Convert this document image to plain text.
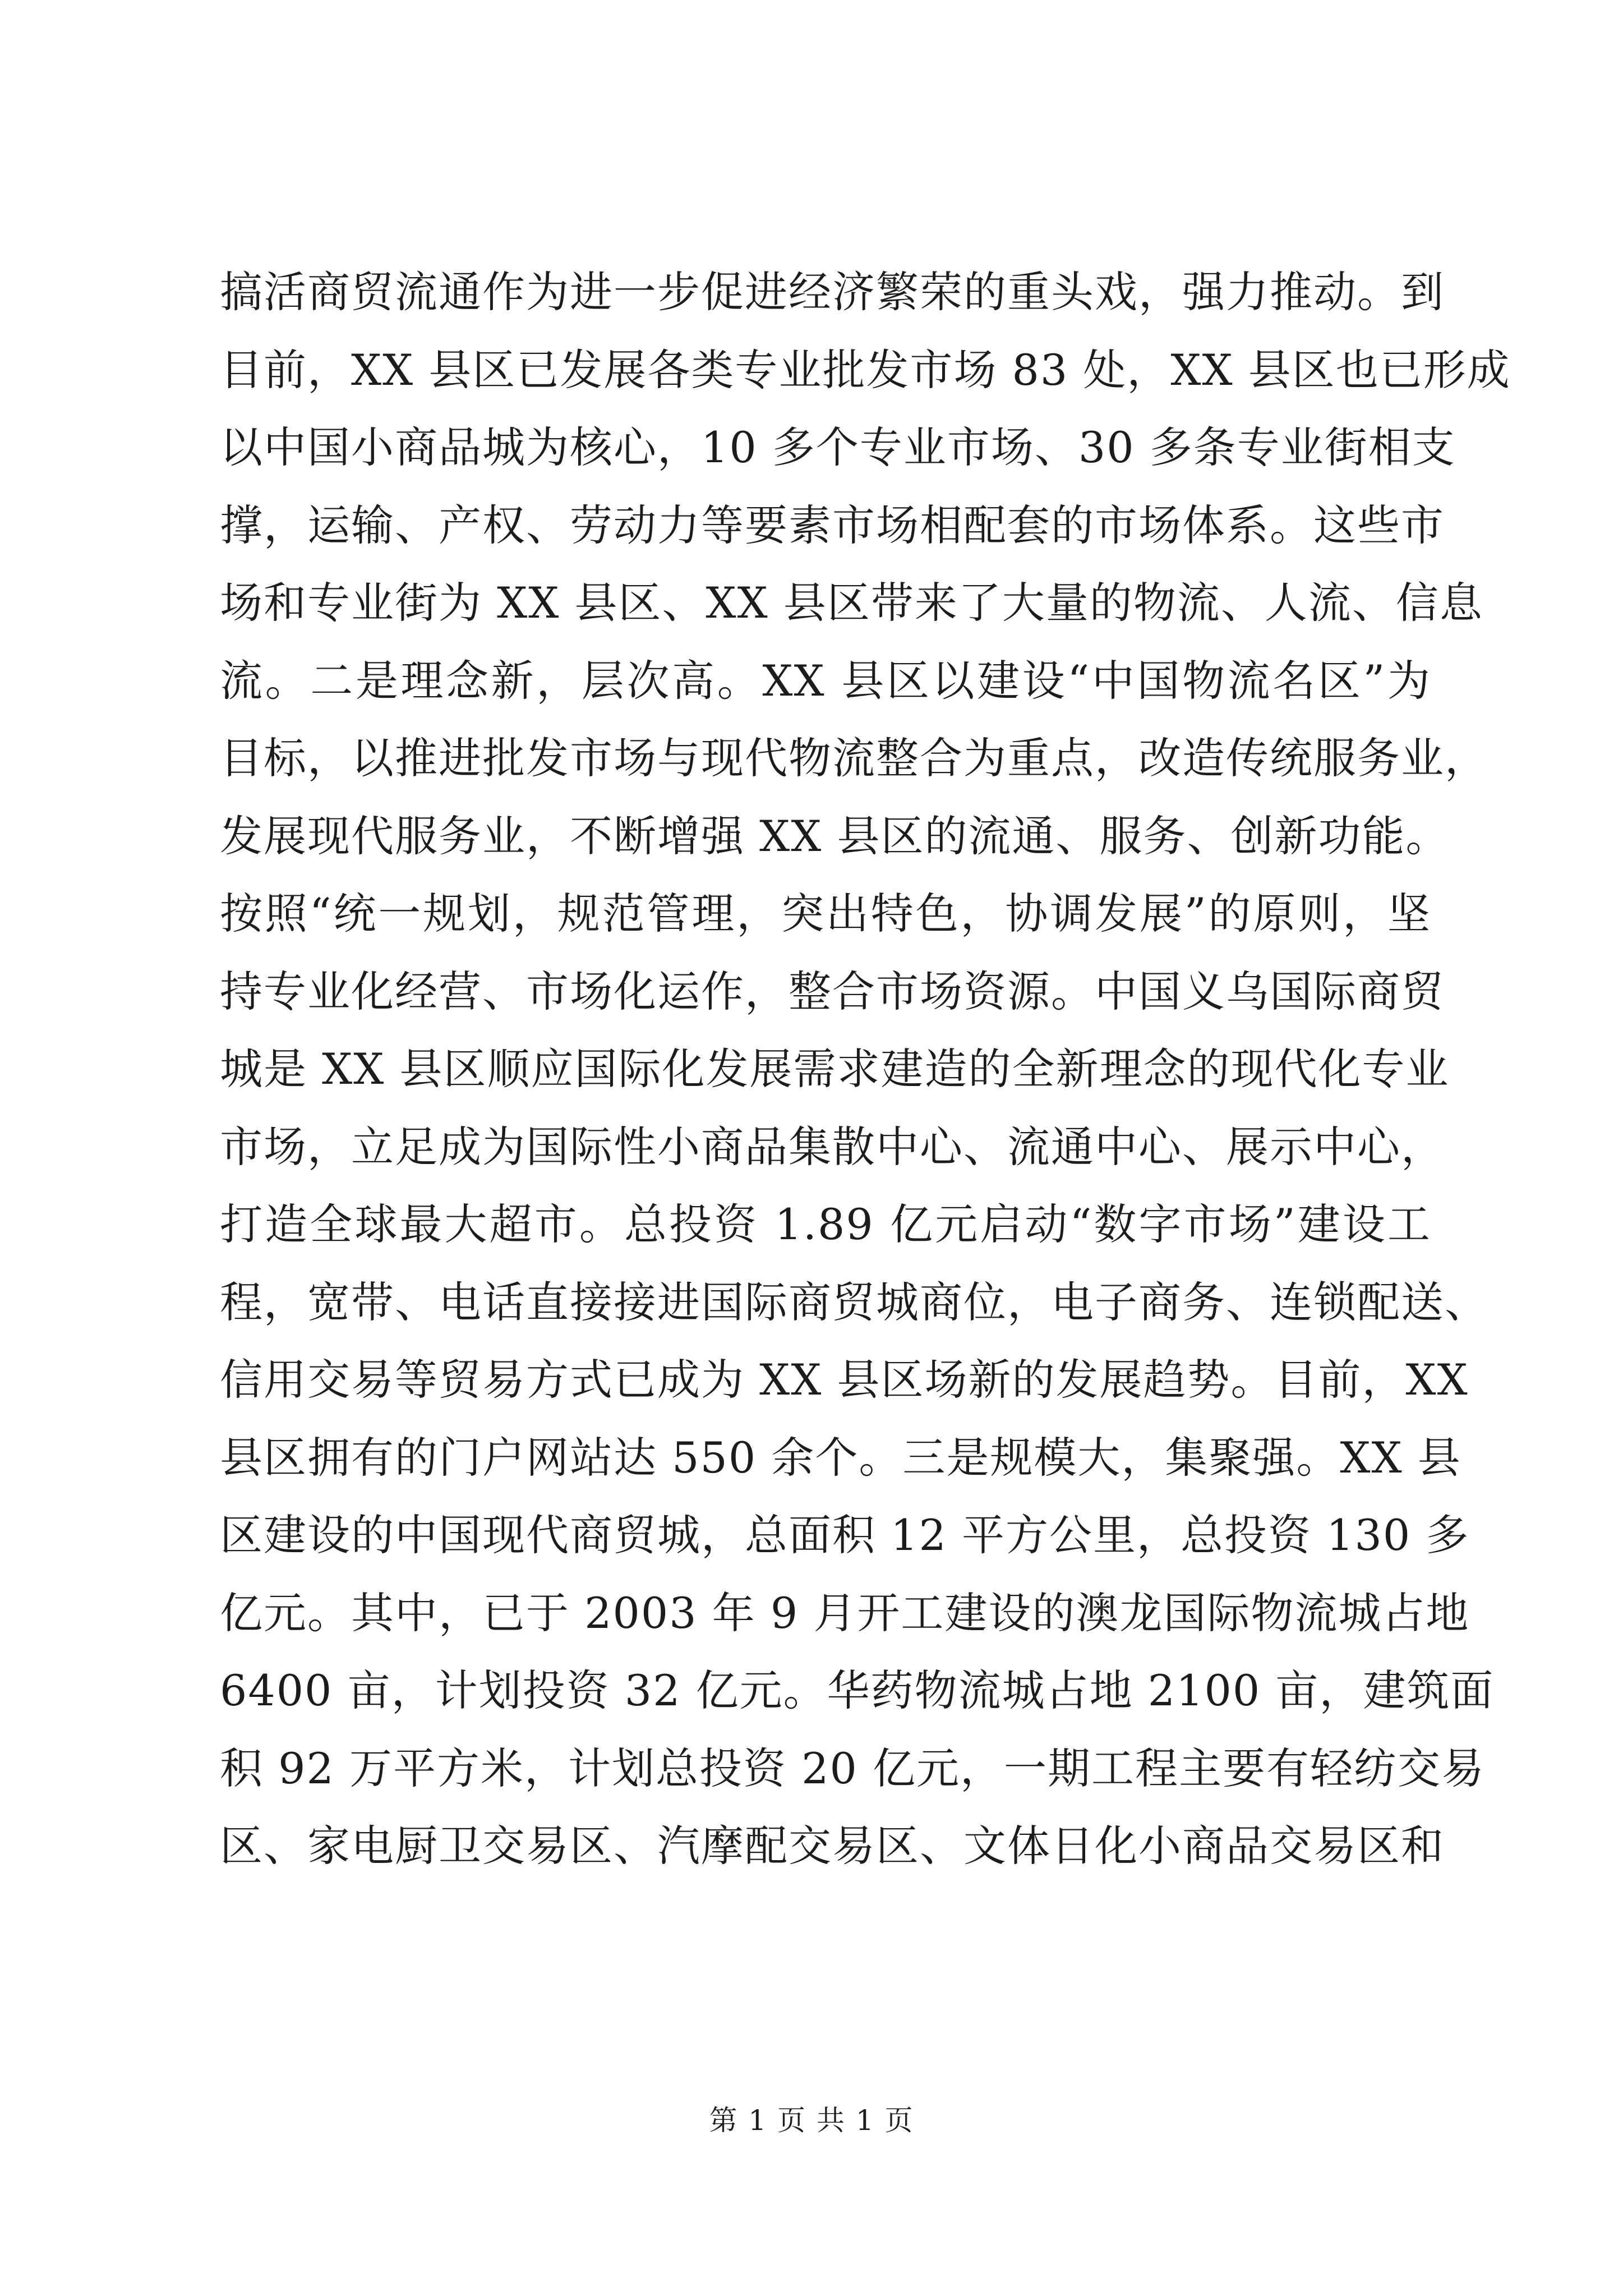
搞活商贸流通作为进一步促进经济繁荣的重头戏，强力推动。到
目前，XX 县区已发展各类专业批发市场 83 处，XX 县区也已形成
以中国小商品城为核心，10 多个专业市场、30 多条专业街相支
撑，运输、产权、劳动力等要素市场相配套的市场体系。这些市
场和专业街为 XX 县区、XX 县区带来了大量的物流、人流、信息
流。二是理念新，层次高。XX 县区以建设“中国物流名区”为
目标，以推进批发市场与现代物流整合为重点，改造传统服务业，
发展现代服务业，不断增强 XX 县区的流通、服务、创新功能。
按照“统一规划，规范管理，突出特色，协调发展”的原则，坚
持专业化经营、市场化运作，整合市场资源。中国义乌国际商贸
城是 XX 县区顺应国际化发展需求建造的全新理念的现代化专业
市场，立足成为国际性小商品集散中心、流通中心、展示中心，
打造全球最大超市。总投资 1.89 亿元启动“数字市场”建设工
程，宽带、电话直接接进国际商贸城商位，电子商务、连锁配送、
信用交易等贸易方式已成为 XX 县区场新的发展趋势。目前，XX
县区拥有的门户网站达 550 余个。三是规模大，集聚强。XX 县
区建设的中国现代商贸城，总面积 12 平方公里，总投资 130 多
亿元。其中，已于 2003 年 9 月开工建设的澳龙国际物流城占地
6400 亩，计划投资 32 亿元。华药物流城占地 2100 亩，建筑面
积 92 万平方米，计划总投资 20 亿元，一期工程主要有轻纺交易
区、家电厨卫交易区、汽摩配交易区、文体日化小商品交易区和
第 1 页 共 1 页
